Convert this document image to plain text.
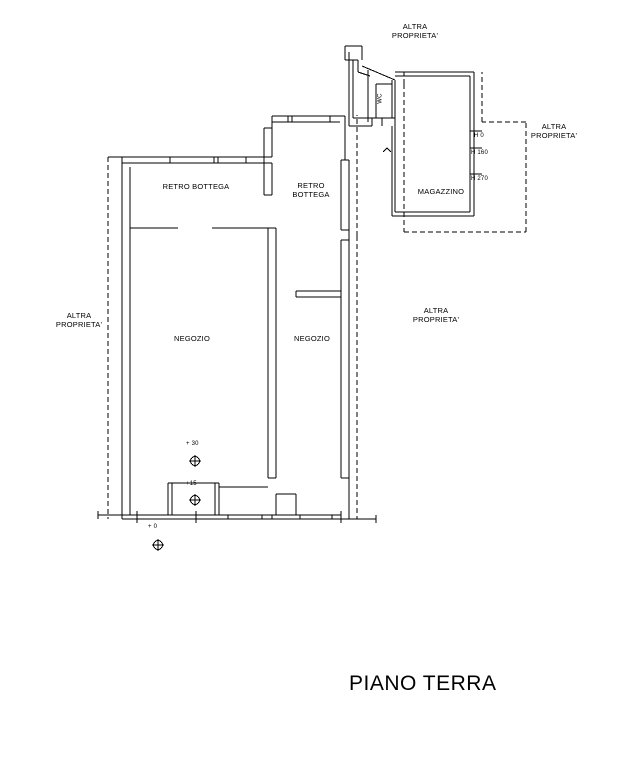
RETRO BOTTEGA	RETRO
BOTTEGA	MAGAZZINO
WC
NEGOZIO	NEGOZIO
ALTRA
PROPRIETA'
ALTRA
PROPRIETA'
ALTRA
PROPRIETA'
ALTRA
PROPRIETA'
H 0
H 160
H 270
+ 30
+15
+ 0
PIANO TERRA
